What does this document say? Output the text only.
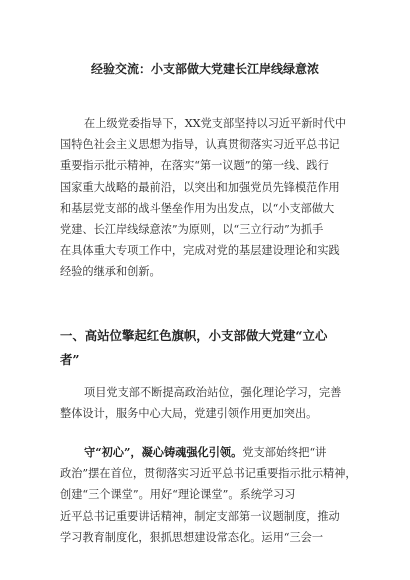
经验交流：小支部做大党建长江岸线绿意浓
在上级党委指导下，XX党支部坚持以习近平新时代中
国特色社会主义思想为指导，认真贯彻落实习近平总书记
重要指示批示精神，在落实“第一议题”的第一线、践行
国家重大战略的最前沿，以突出和加强党员先锋模范作用
和基层党支部的战斗堡垒作用为出发点，以“小支部做大
党建、长江岸线绿意浓”为原则，以“三立行动”为抓手
在具体重大专项工作中，完成对党的基层建设理论和实践
经验的继承和创新。
一、高站位擎起红色旗帜，小支部做大党建“立心
者”
项目党支部不断提高政治站位，强化理论学习，完善
整体设计，服务中心大局，党建引领作用更加突出。
守“初心”，凝心铸魂强化引领。党支部始终把“讲
政治”摆在首位，贯彻落实习近平总书记重要指示批示精神，
创建“三个课堂”。用好“理论课堂”。系统学习习
近平总书记重要讲话精神，制定支部第一议题制度，推动
学习教育制度化，狠抓思想建设常态化。运用“三会一
